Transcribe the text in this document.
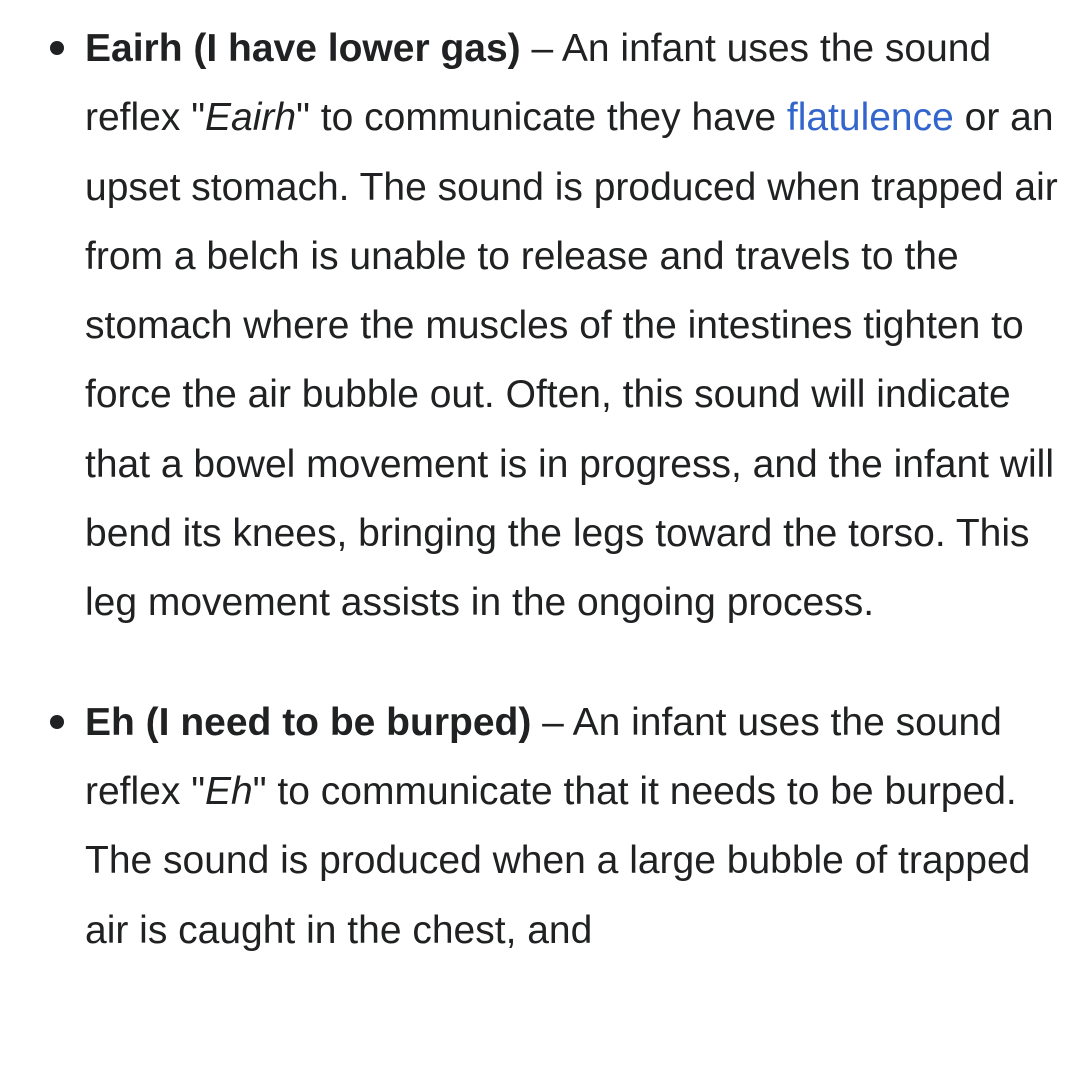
Eairh (I have lower gas) – An infant uses the sound reflex "Eairh" to communicate they have flatulence or an upset stomach. The sound is produced when trapped air from a belch is unable to release and travels to the stomach where the muscles of the intestines tighten to force the air bubble out. Often, this sound will indicate that a bowel movement is in progress, and the infant will bend its knees, bringing the legs toward the torso. This leg movement assists in the ongoing process.
Eh (I need to be burped) – An infant uses the sound reflex "Eh" to communicate that it needs to be burped. The sound is produced when a large bubble of trapped air is caught in the chest, and
